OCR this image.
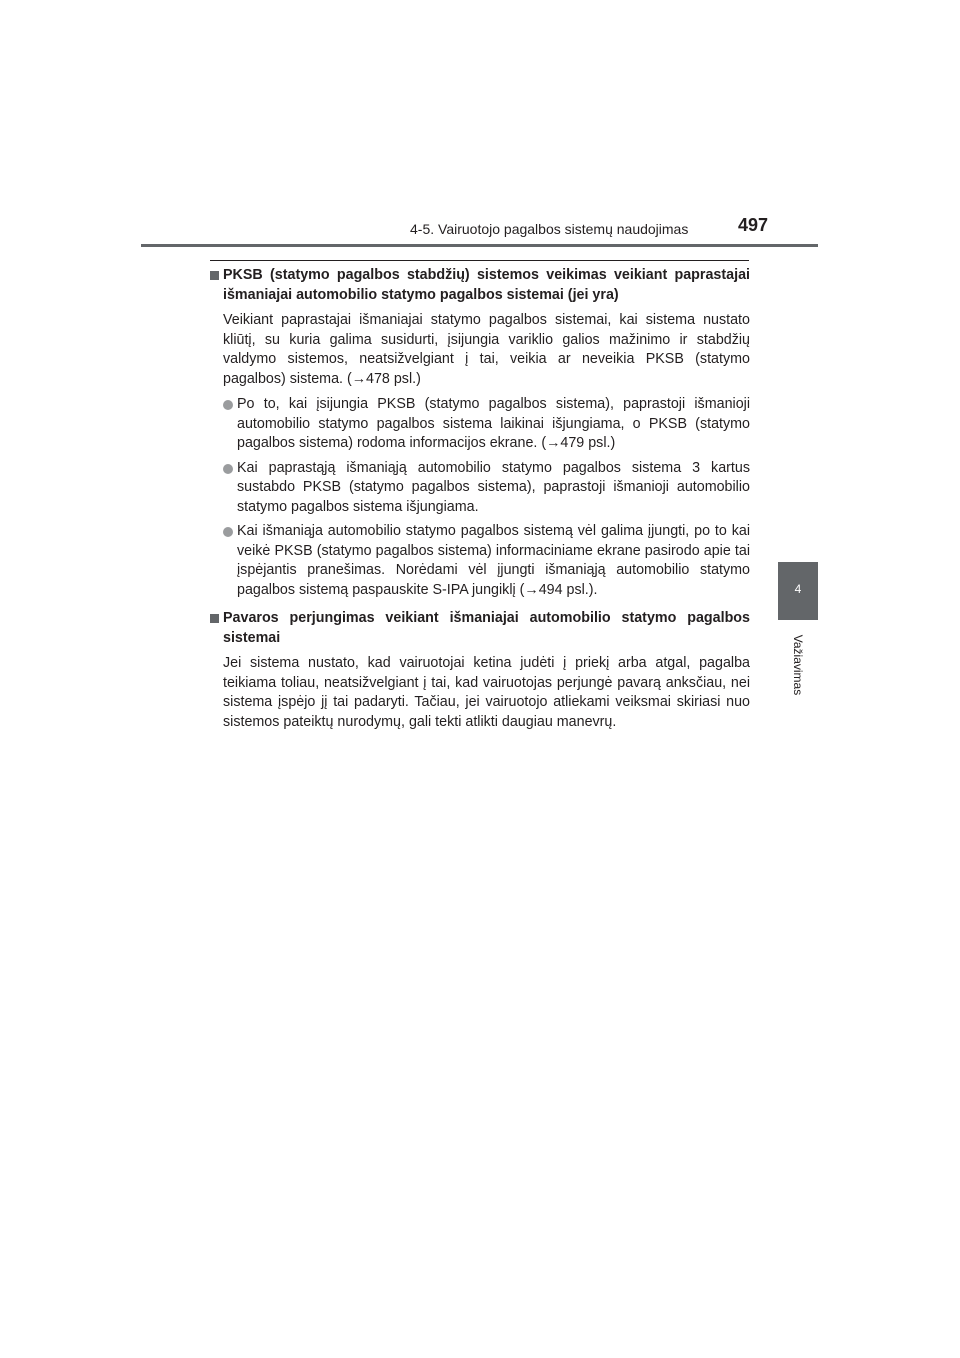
4-5. Vairuotojo pagalbos sistemų naudojimas	497
4
Važiavimas
PKSB (statymo pagalbos stabdžių) sistemos veikimas veikiant paprastajai išmaniajai automobilio statymo pagalbos sistemai (jei yra)
Veikiant paprastajai išmaniajai statymo pagalbos sistemai, kai sistema nustato kliūtį, su kuria galima susidurti, įsijungia variklio galios mažinimo ir stabdžių valdymo sistemos, neatsižvelgiant į tai, veikia ar neveikia PKSB (statymo pagalbos) sistema. (→478 psl.)
Po to, kai įsijungia PKSB (statymo pagalbos sistema), paprastoji išmanioji automobilio statymo pagalbos sistema laikinai išjungiama, o PKSB (statymo pagalbos sistema) rodoma informacijos ekrane. (→479 psl.)
Kai paprastąją išmaniąją automobilio statymo pagalbos sistema 3 kartus sustabdo PKSB (statymo pagalbos sistema), paprastoji išmanioji automobilio statymo pagalbos sistema išjungiama.
Kai išmaniąja automobilio statymo pagalbos sistemą vėl galima įjungti, po to kai veikė PKSB (statymo pagalbos sistema) informaciniame ekrane pasirodo apie tai įspėjantis pranešimas. Norėdami vėl įjungti išmaniąją automobilio statymo pagalbos sistemą paspauskite S-IPA jungiklį (→494 psl.).
Pavaros perjungimas veikiant išmaniajai automobilio statymo pagalbos sistemai
Jei sistema nustato, kad vairuotojai ketina judėti į priekį arba atgal, pagalba teikiama toliau, neatsižvelgiant į tai, kad vairuotojas perjungė pavarą anksčiau, nei sistema įspėjo jį tai padaryti. Tačiau, jei vairuotojo atliekami veiksmai skiriasi nuo sistemos pateiktų nurodymų, gali tekti atlikti daugiau manevrų.
